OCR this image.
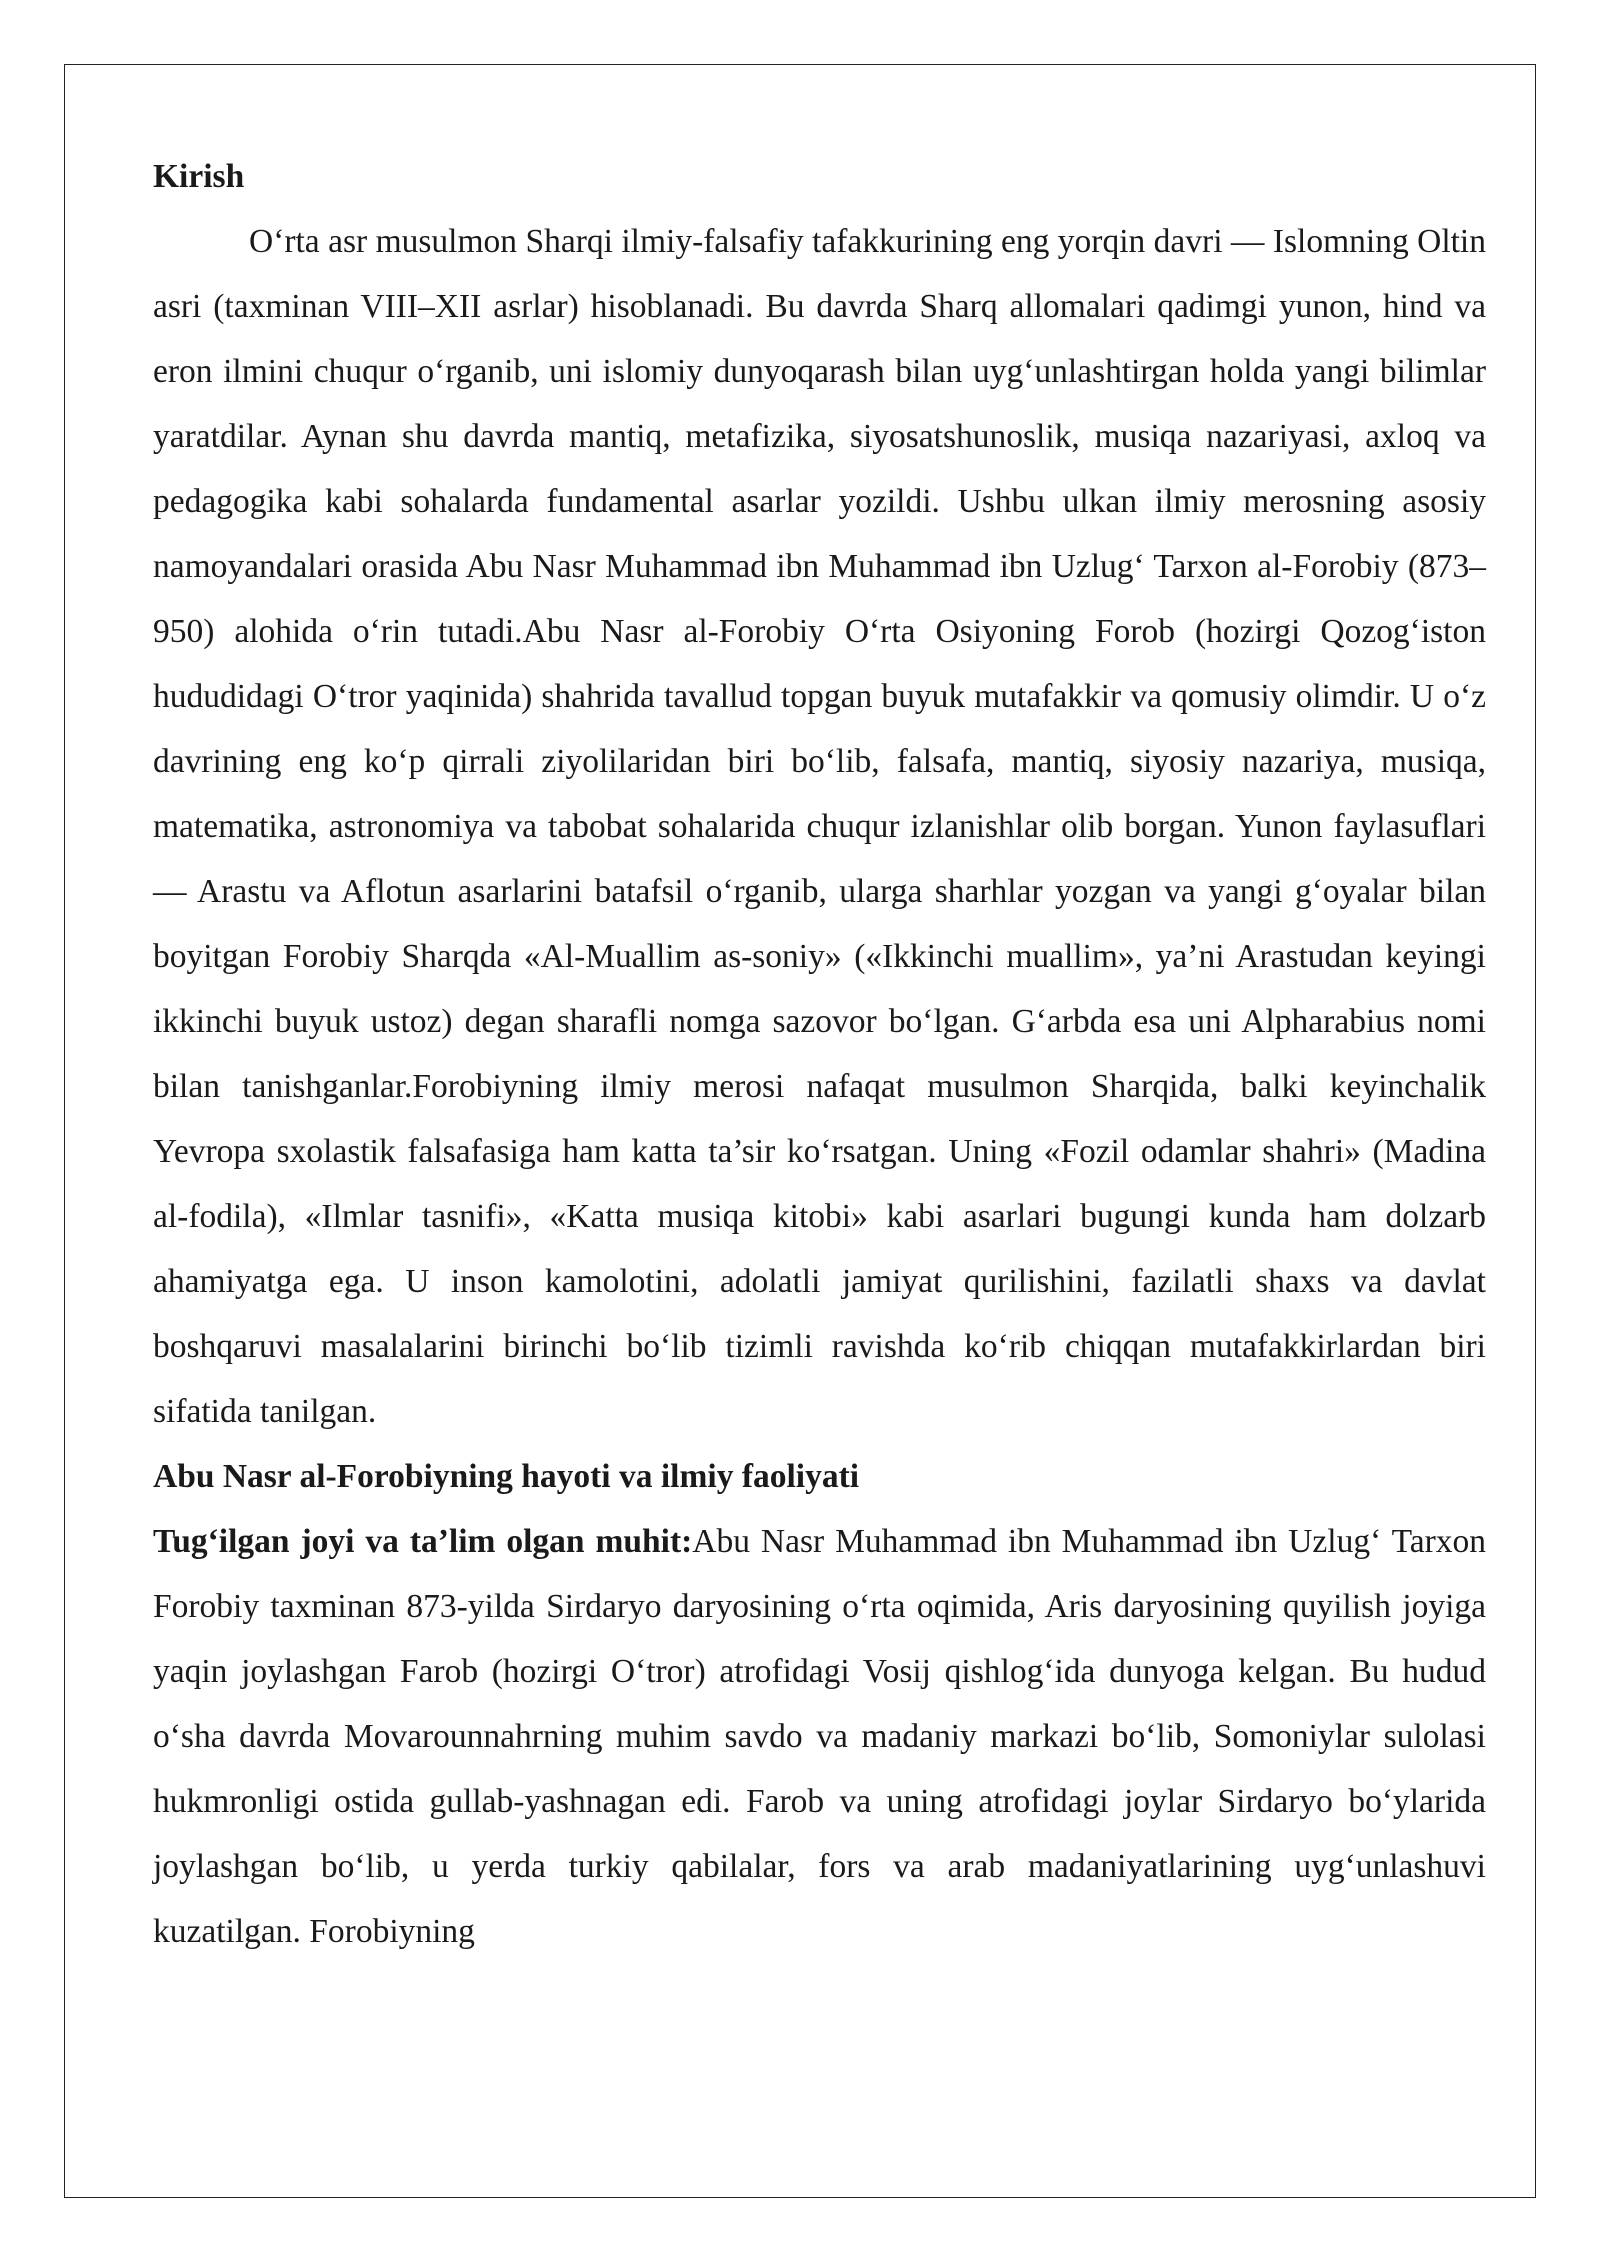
Kirish

O‘rta asr musulmon Sharqi ilmiy-falsafiy tafakkurining eng yorqin davri — Islomning Oltin asri (taxminan VIII–XII asrlar) hisoblanadi. Bu davrda Sharq allomalari qadimgi yunon, hind va eron ilmini chuqur o‘rganib, uni islomiy dunyoqarash bilan uyg‘unlashtirgan holda yangi bilimlar yaratdilar. Aynan shu davrda mantiq, metafizika, siyosatshunoslik, musiqa nazariyasi, axloq va pedagogika kabi sohalarda fundamental asarlar yozildi. Ushbu ulkan ilmiy merosning asosiy namoyandalari orasida Abu Nasr Muhammad ibn Muhammad ibn Uzlug‘ Tarxon al-Forobiy (873–950) alohida o‘rin tutadi.Abu Nasr al-Forobiy O‘rta Osiyoning Forob (hozirgi Qozog‘iston hududidagi O‘tror yaqinida) shahrida tavallud topgan buyuk mutafakkir va qomusiy olimdir. U o‘z davrining eng ko‘p qirrali ziyolilaridan biri bo‘lib, falsafa, mantiq, siyosiy nazariya, musiqa, matematika, astronomiya va tabobat sohalarida chuqur izlanishlar olib borgan. Yunon faylasuflari — Arastu va Aflotun asarlarini batafsil o‘rganib, ularga sharhlar yozgan va yangi g‘oyalar bilan boyitgan Forobiy Sharqda «Al-Muallim as-soniy» («Ikkinchi muallim», ya’ni Arastudan keyingi ikkinchi buyuk ustoz) degan sharafli nomga sazovor bo‘lgan. G‘arbda esa uni Alpharabius nomi bilan tanishganlar.Forobiyning ilmiy merosi nafaqat musulmon Sharqida, balki keyinchalik Yevropa sxolastik falsafasiga ham katta ta’sir ko‘rsatgan. Uning «Fozil odamlar shahri» (Madina al-fodila), «Ilmlar tasnifi», «Katta musiqa kitobi» kabi asarlari bugungi kunda ham dolzarb ahamiyatga ega. U inson kamolotini, adolatli jamiyat qurilishini, fazilatli shaxs va davlat boshqaruvi masalalarini birinchi bo‘lib tizimli ravishda ko‘rib chiqqan mutafakkirlardan biri sifatida tanilgan.

Abu Nasr al-Forobiyning hayoti va ilmiy faoliyati

Tug‘ilgan joyi va ta’lim olgan muhit:Abu Nasr Muhammad ibn Muhammad ibn Uzlug‘ Tarxon Forobiy taxminan 873-yilda Sirdaryo daryosining o‘rta oqimida, Aris daryosining quyilish joyiga yaqin joylashgan Farob (hozirgi O‘tror) atrofidagi Vosij qishlog‘ida dunyoga kelgan. Bu hudud o‘sha davrda Movarounnahrning muhim savdo va madaniy markazi bo‘lib, Somoniylar sulolasi hukmronligi ostida gullab-yashnagan edi. Farob va uning atrofidagi joylar Sirdaryo bo‘ylarida joylashgan bo‘lib, u yerda turkiy qabilalar, fors va arab madaniyatlarining uyg‘unlashuvi kuzatilgan. Forobiyning
